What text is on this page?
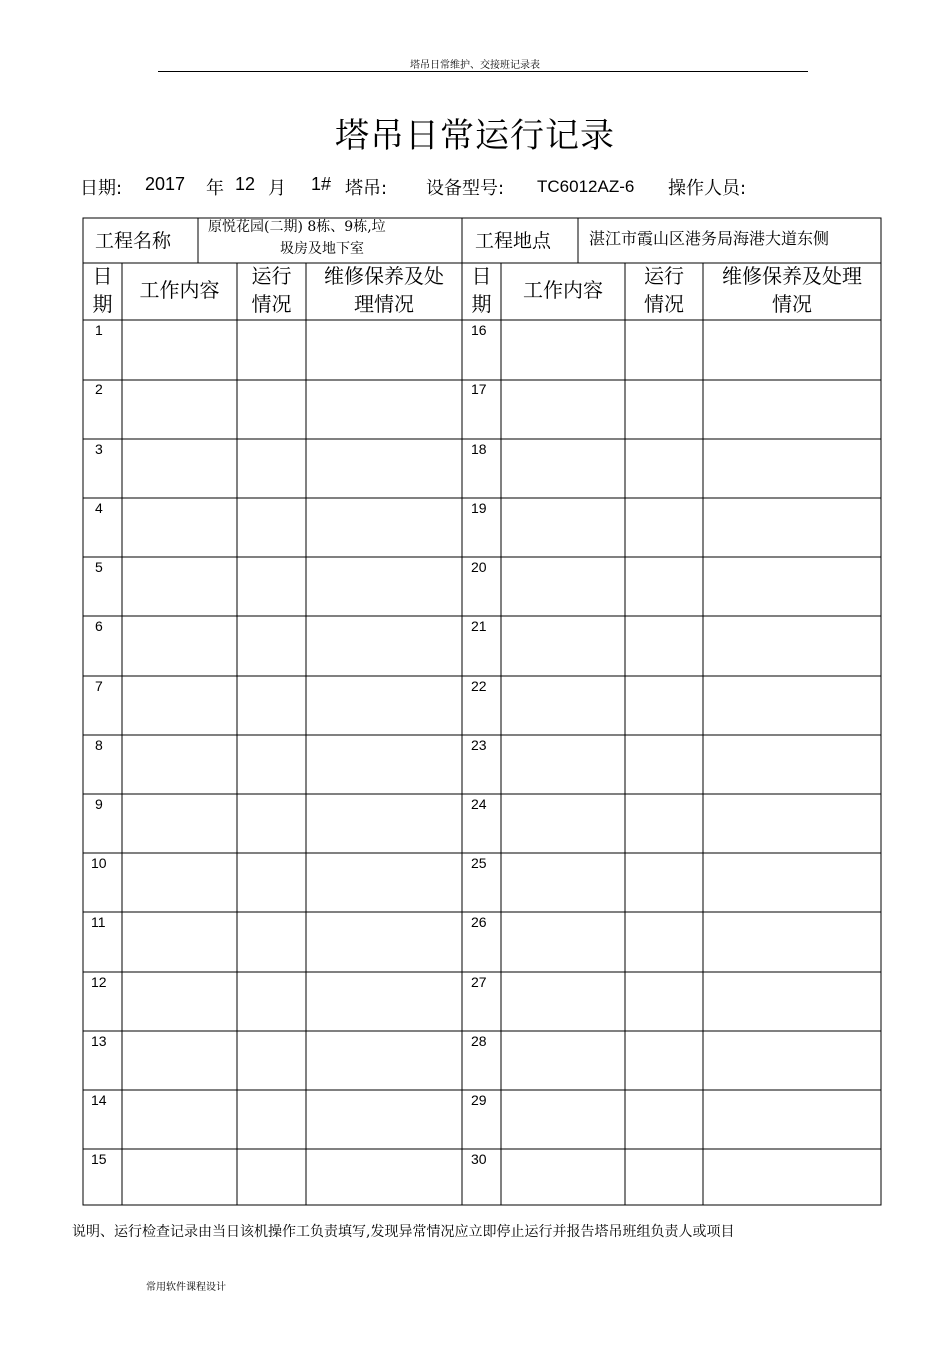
塔吊日常维护、交接班记录表
塔吊日常运行记录
日期: 2017 年 12 月 1# 塔吊: 设备型号: TC6012AZ-6 操作人员:
工程名称
原悦花园(二期) 8栋、9栋,垃
圾房及地下室	工程地点 湛江市霞山区港务局海港大道东侧
日
期
工作内容
运行
情况
维修保养及处
理情况
日
期
工作内容
运行
情况
维修保养及处理
情况
1
2
3
4
5
6
7
8
9
10
11
12
13
14
15
16
17
18
19
20
21
22
23
24
25
26
27
28
29
30
说明、运行检查记录由当日该机操作工负责填写,发现异常情况应立即停止运行并报告塔吊班组负责人或项目
常用软件课程设计
